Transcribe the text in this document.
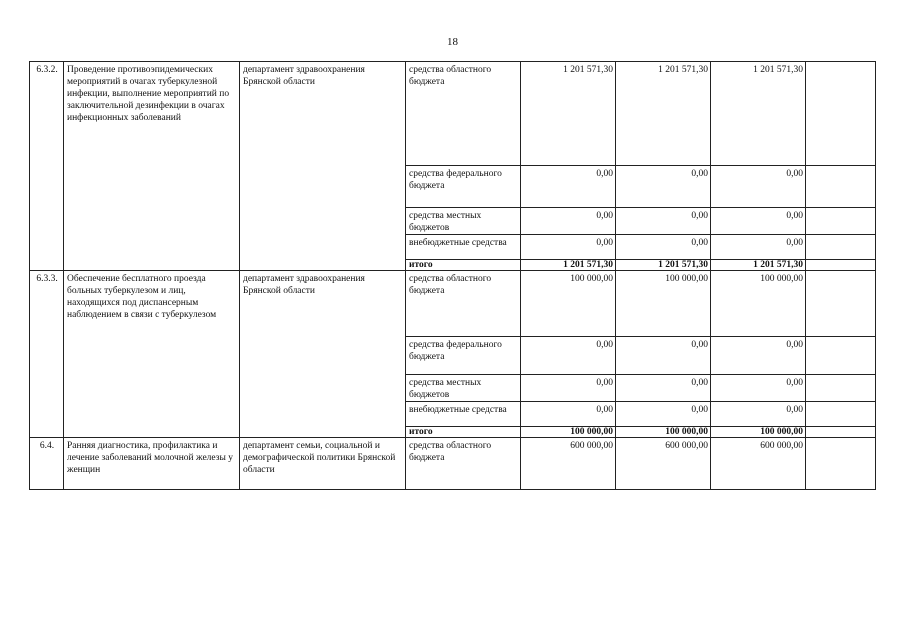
18
6.3.2.	Проведение противоэпидемических мероприятий в очагах туберкулезной инфекции, выполнение мероприятий по заключительной дезинфекции в очагах инфекционных заболеваний	департамент здравоохранения Брянской области	средства областного бюджета	1 201 571,30	1 201 571,30	1 201 571,30	
			средства федерального бюджета	0,00	0,00	0,00	
			средства местных бюджетов	0,00	0,00	0,00	
			внебюджетные средства	0,00	0,00	0,00	
			итого	1 201 571,30	1 201 571,30	1 201 571,30	
6.3.3.	Обеспечение бесплатного проезда больных туберкулезом и лиц, находящихся под диспансерным наблюдением в связи с туберкулезом	департамент здравоохранения Брянской области	средства областного бюджета	100 000,00	100 000,00	100 000,00	
			средства федерального бюджета	0,00	0,00	0,00	
			средства местных бюджетов	0,00	0,00	0,00	
			внебюджетные средства	0,00	0,00	0,00	
			итого	100 000,00	100 000,00	100 000,00	
6.4.	Ранняя диагностика, профилактика и лечение заболеваний молочной железы у женщин	департамент семьи, социальной и демографической политики Брянской области	средства областного бюджета	600 000,00	600 000,00	600 000,00	
